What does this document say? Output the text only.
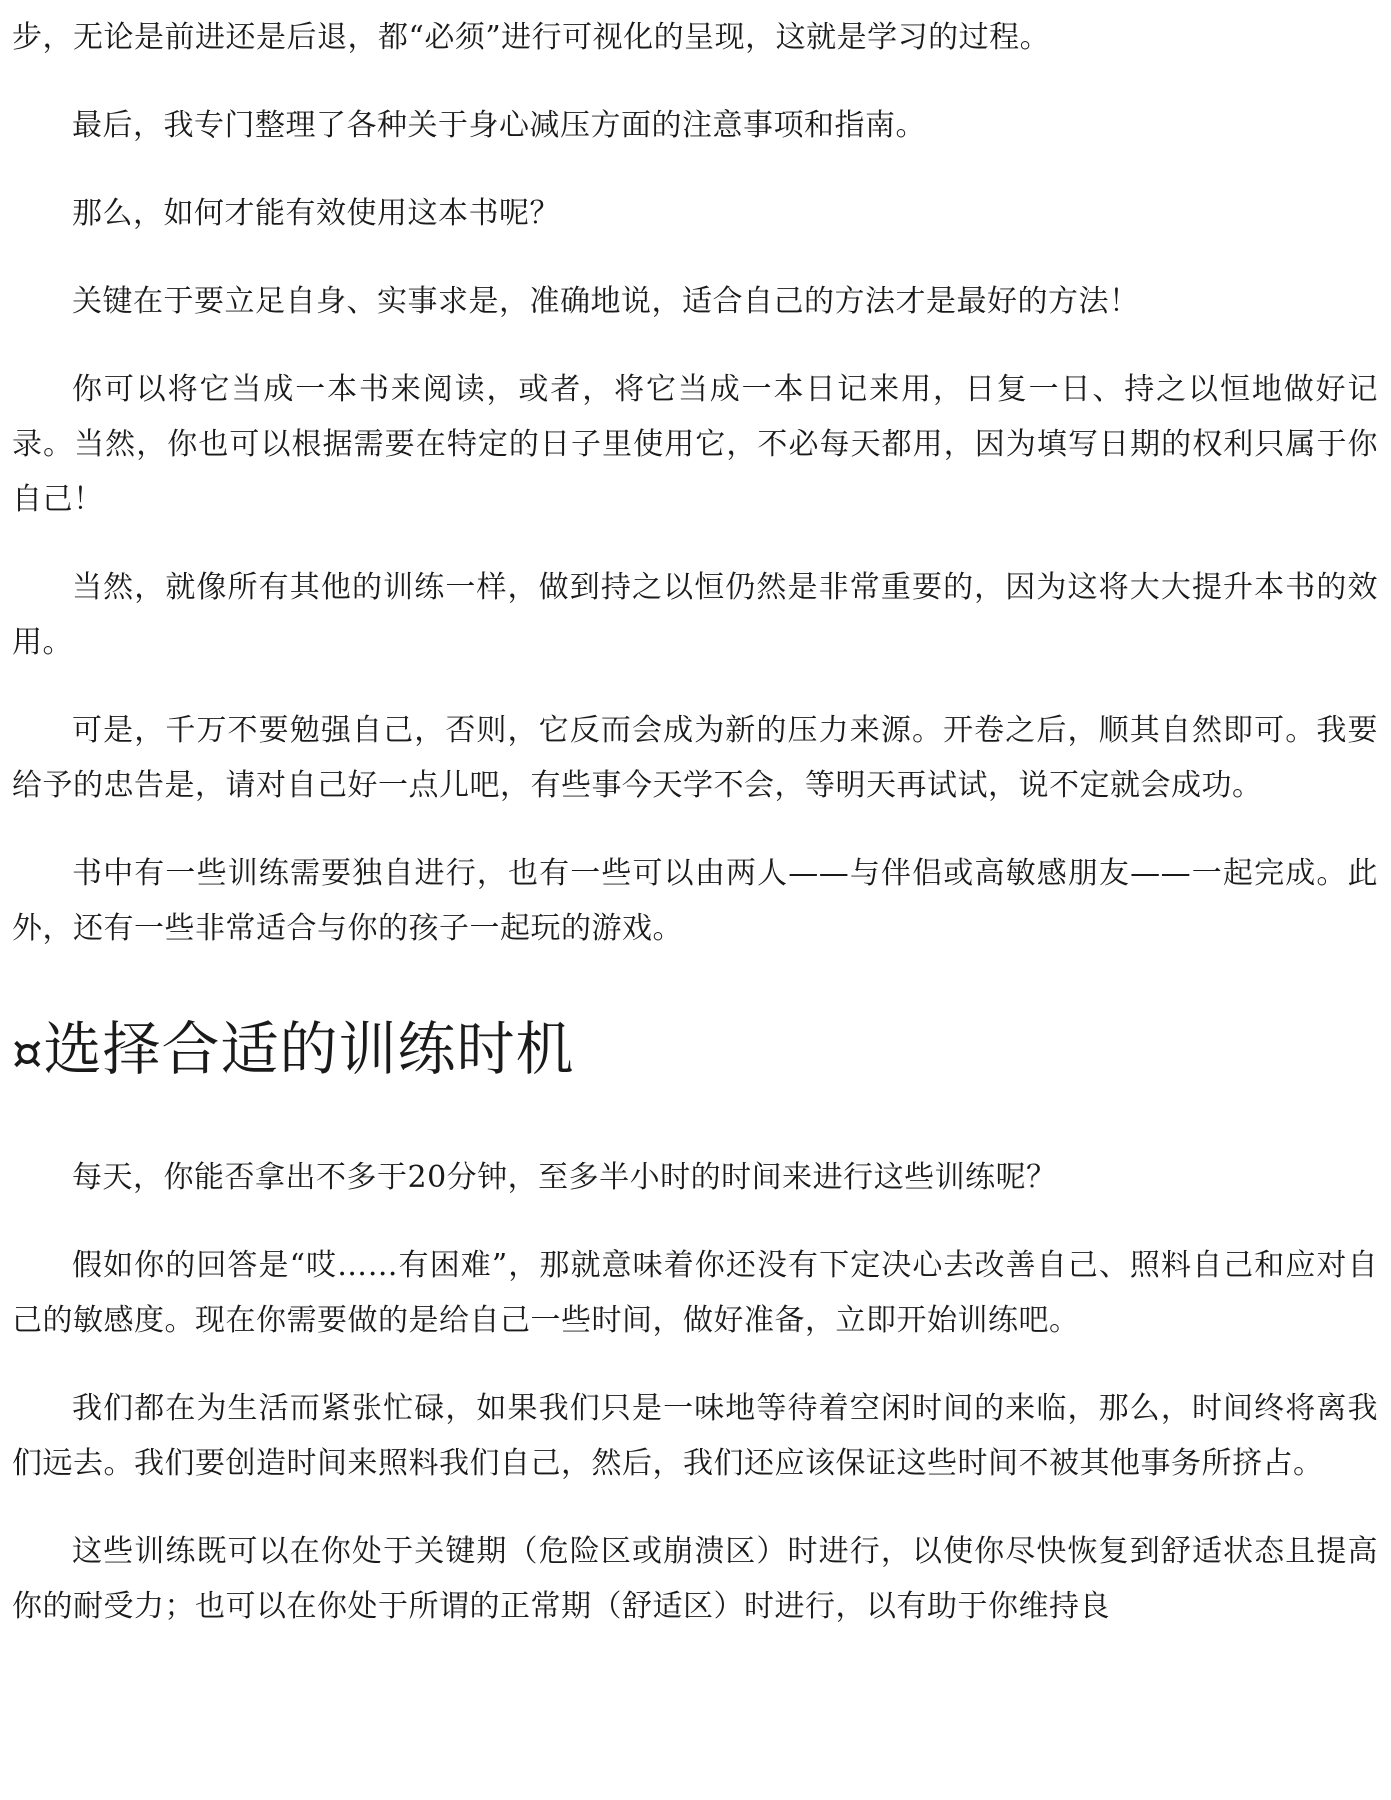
步，无论是前进还是后退，都“必须”进行可视化的呈现，这就是学习的过程。

最后，我专门整理了各种关于身心减压方面的注意事项和指南。

那么，如何才能有效使用这本书呢？

关键在于要立足自身、实事求是，准确地说，适合自己的方法才是最好的方法！

你可以将它当成一本书来阅读，或者，将它当成一本日记来用，日复一日、持之以恒地做好记录。当然，你也可以根据需要在特定的日子里使用它，不必每天都用，因为填写日期的权利只属于你自己！

当然，就像所有其他的训练一样，做到持之以恒仍然是非常重要的，因为这将大大提升本书的效用。

可是，千万不要勉强自己，否则，它反而会成为新的压力来源。开卷之后，顺其自然即可。我要给予的忠告是，请对自己好一点儿吧，有些事今天学不会，等明天再试试，说不定就会成功。

书中有一些训练需要独自进行，也有一些可以由两人——与伴侣或高敏感朋友——一起完成。此外，还有一些非常适合与你的孩子一起玩的游戏。

¤选择合适的训练时机

每天，你能否拿出不多于20分钟，至多半小时的时间来进行这些训练呢？

假如你的回答是“哎……有困难”，那就意味着你还没有下定决心去改善自己、照料自己和应对自己的敏感度。现在你需要做的是给自己一些时间，做好准备，立即开始训练吧。

我们都在为生活而紧张忙碌，如果我们只是一味地等待着空闲时间的来临，那么，时间终将离我们远去。我们要创造时间来照料我们自己，然后，我们还应该保证这些时间不被其他事务所挤占。

这些训练既可以在你处于关键期（危险区或崩溃区）时进行，以使你尽快恢复到舒适状态且提高你的耐受力；也可以在你处于所谓的正常期（舒适区）时进行，以有助于你维持良
